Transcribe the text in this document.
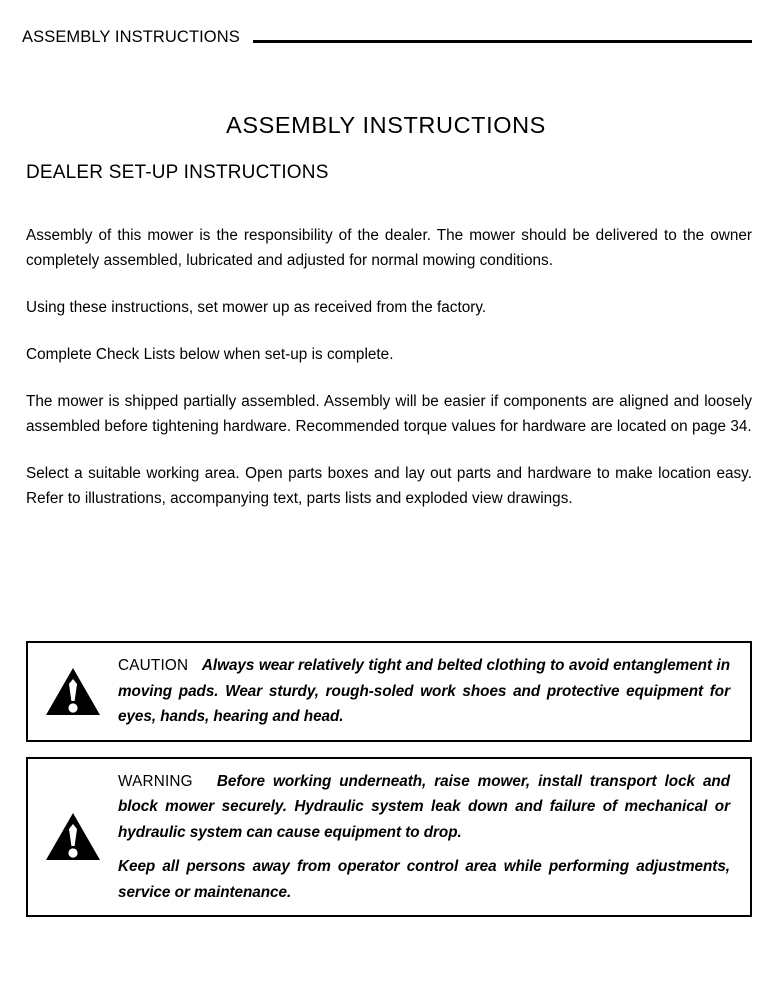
ASSEMBLY INSTRUCTIONS
ASSEMBLY INSTRUCTIONS
DEALER SET-UP INSTRUCTIONS

Assembly of this mower is the responsibility of the dealer. The mower should be delivered to the owner completely assembled, lubricated and adjusted for normal mowing conditions.

Using these instructions, set mower up as received from the factory.

Complete Check Lists below when set-up is complete.

The mower is shipped partially assembled. Assembly will be easier if components are aligned and loosely assembled before tightening hardware. Recommended torque values for hardware are located on page 34.

Select a suitable working area. Open parts boxes and lay out parts and hardware to make location easy. Refer to illustrations, accompanying text, parts lists and exploded view drawings.

CAUTION Always wear relatively tight and belted clothing to avoid entanglement in moving pads. Wear sturdy, rough-soled work shoes and protective equipment for eyes, hands, hearing and head.

WARNING Before working underneath, raise mower, install transport lock and block mower securely. Hydraulic system leak down and failure of mechanical or hydraulic system can cause equipment to drop.

Keep all persons away from operator control area while performing adjustments, service or maintenance.
